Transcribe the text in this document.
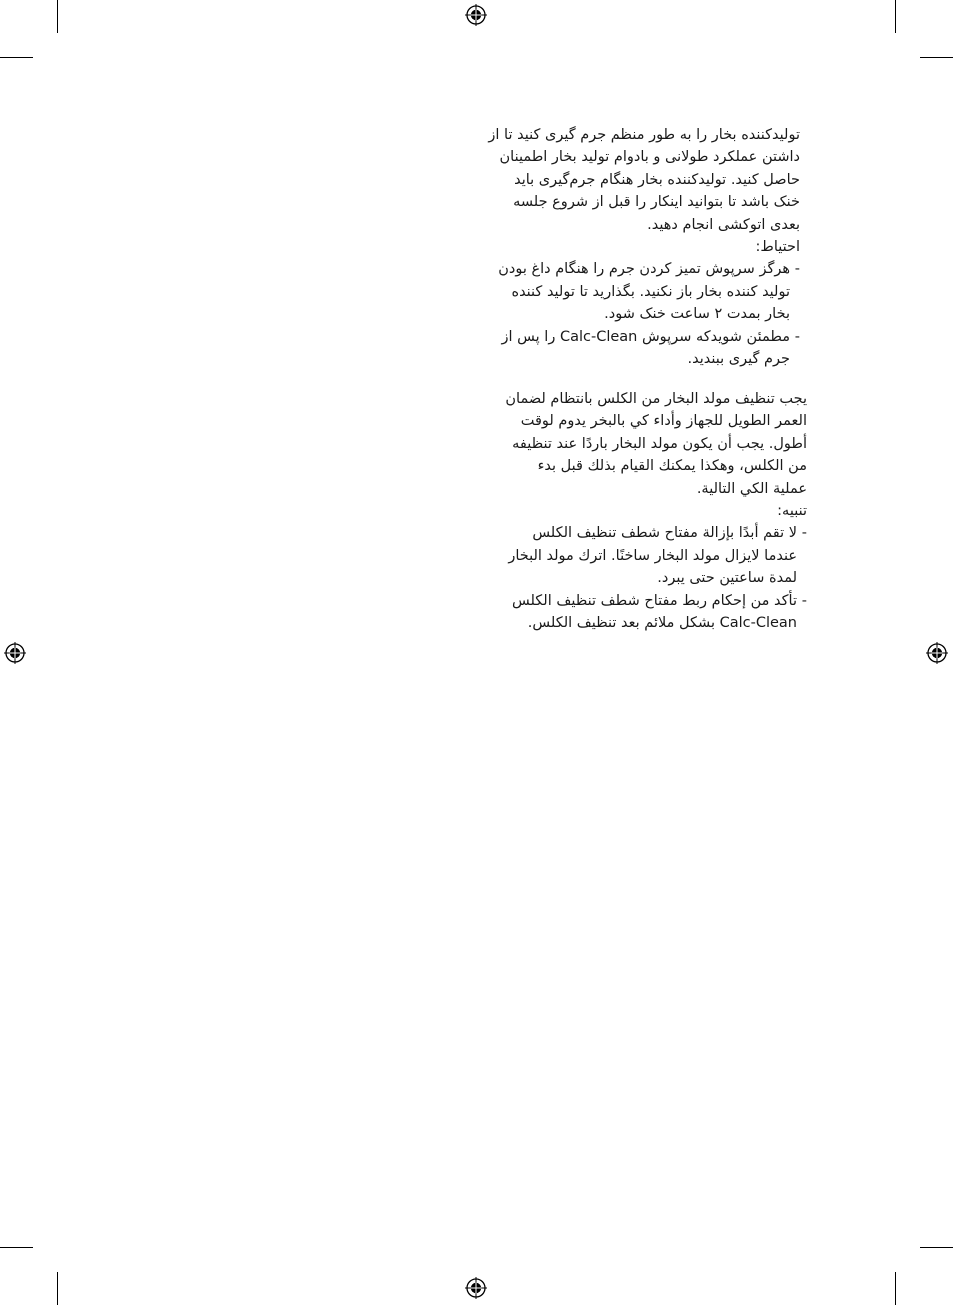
تولیدکننده بخار را به طور منظم جرم گیری کنید تا از
داشتن عملکرد طولانی و بادوام تولید بخار اطمینان
حاصل کنید. تولیدکننده بخار هنگام جرم‌گیری باید
خنک باشد تا بتوانید اینکار را قبل از شروع جلسه
بعدی اتوکشی انجام دهید.
احتیاط:
-هرگز سرپوش تمیز کردن جرم را هنگام داغ بودن
تولید کننده بخار باز نکنید. بگذارید تا تولید کننده
بخار بمدت ۲ ساعت خنک شود.
-مطمئن شویدکه سرپوش Calc-Clean را پس از
جرم گیری ببندید.
يجب تنظيف مولد البخار من الكلس بانتظام لضمان
العمر الطويل للجهاز وأداء كي بالبخر يدوم لوقت
أطول. يجب أن يكون مولد البخار باردًا عند تنظيفه
من الكلس، وهكذا يمكنك القيام بذلك قبل بدء
عملية الكي التالية.
تنبيه:
-لا تقم أبدًا بإزالة مفتاح شطف تنظيف الكلس
عندما لايزال مولد البخار ساخنًا. اترك مولد البخار
لمدة ساعتين حتى يبرد.
-تأكد من إحكام ربط مفتاح شطف تنظيف الكلس
Calc-Clean بشكل ملائم بعد تنظيف الكلس.
